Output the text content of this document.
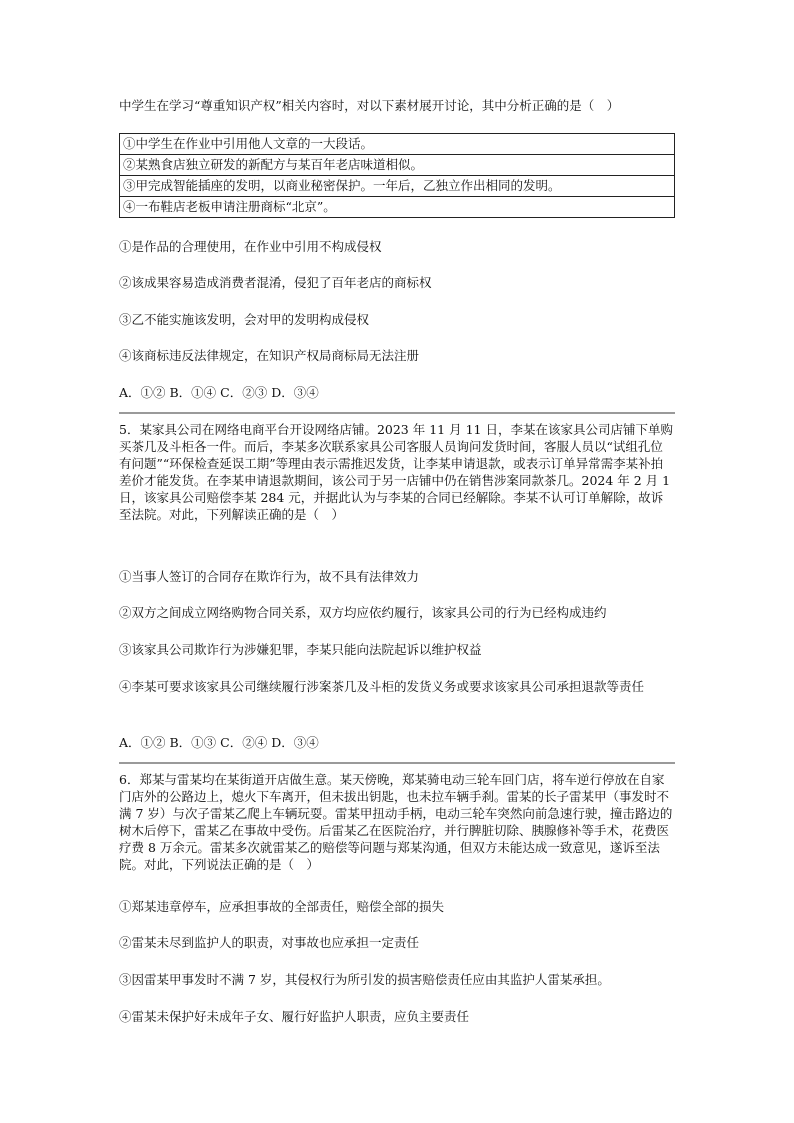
中学生在学习“尊重知识产权”相关内容时，对以下素材展开讨论，其中分析正确的是（　）

①中学生在作业中引用他人文章的一大段话。
②某熟食店独立研发的新配方与某百年老店味道相似。
③甲完成智能插座的发明，以商业秘密保护。一年后，乙独立作出相同的发明。
④一布鞋店老板申请注册商标“北京”。

①是作品的合理使用，在作业中引用不构成侵权

②该成果容易造成消费者混淆，侵犯了百年老店的商标权

③乙不能实施该发明，会对甲的发明构成侵权

④该商标违反法律规定，在知识产权局商标局无法注册

A．①② B．①④ C．②③ D．③④

5．某家具公司在网络电商平台开设网络店铺。2023 年 11 月 11 日，李某在该家具公司店铺下单购买茶几及斗柜各一件。而后，李某多次联系家具公司客服人员询问发货时间，客服人员以“试组孔位有问题”“环保检查延误工期”等理由表示需推迟发货，让李某申请退款，或表示订单异常需李某补拍差价才能发货。在李某申请退款期间，该公司于另一店铺中仍在销售涉案同款茶几。2024 年 2 月 1 日，该家具公司赔偿李某 284 元，并据此认为与李某的合同已经解除。李某不认可订单解除，故诉至法院。对此，下列解读正确的是（　）

①当事人签订的合同存在欺诈行为，故不具有法律效力

②双方之间成立网络购物合同关系，双方均应依约履行，该家具公司的行为已经构成违约

③该家具公司欺诈行为涉嫌犯罪，李某只能向法院起诉以维护权益

④李某可要求该家具公司继续履行涉案茶几及斗柜的发货义务或要求该家具公司承担退款等责任

A．①② B．①③ C．②④ D．③④

6．郑某与雷某均在某街道开店做生意。某天傍晚，郑某骑电动三轮车回门店，将车逆行停放在自家门店外的公路边上，熄火下车离开，但未拔出钥匙，也未拉车辆手刹。雷某的长子雷某甲（事发时不满 7 岁）与次子雷某乙爬上车辆玩耍。雷某甲扭动手柄，电动三轮车突然向前急速行驶，撞击路边的树木后停下，雷某乙在事故中受伤。后雷某乙在医院治疗，并行脾脏切除、胰腺修补等手术，花费医疗费 8 万余元。雷某多次就雷某乙的赔偿等问题与郑某沟通，但双方未能达成一致意见，遂诉至法院。对此，下列说法正确的是（　）

①郑某违章停车，应承担事故的全部责任，赔偿全部的损失

②雷某未尽到监护人的职责，对事故也应承担一定责任

③因雷某甲事发时不满 7 岁，其侵权行为所引发的损害赔偿责任应由其监护人雷某承担。

④雷某未保护好未成年子女、履行好监护人职责，应负主要责任
